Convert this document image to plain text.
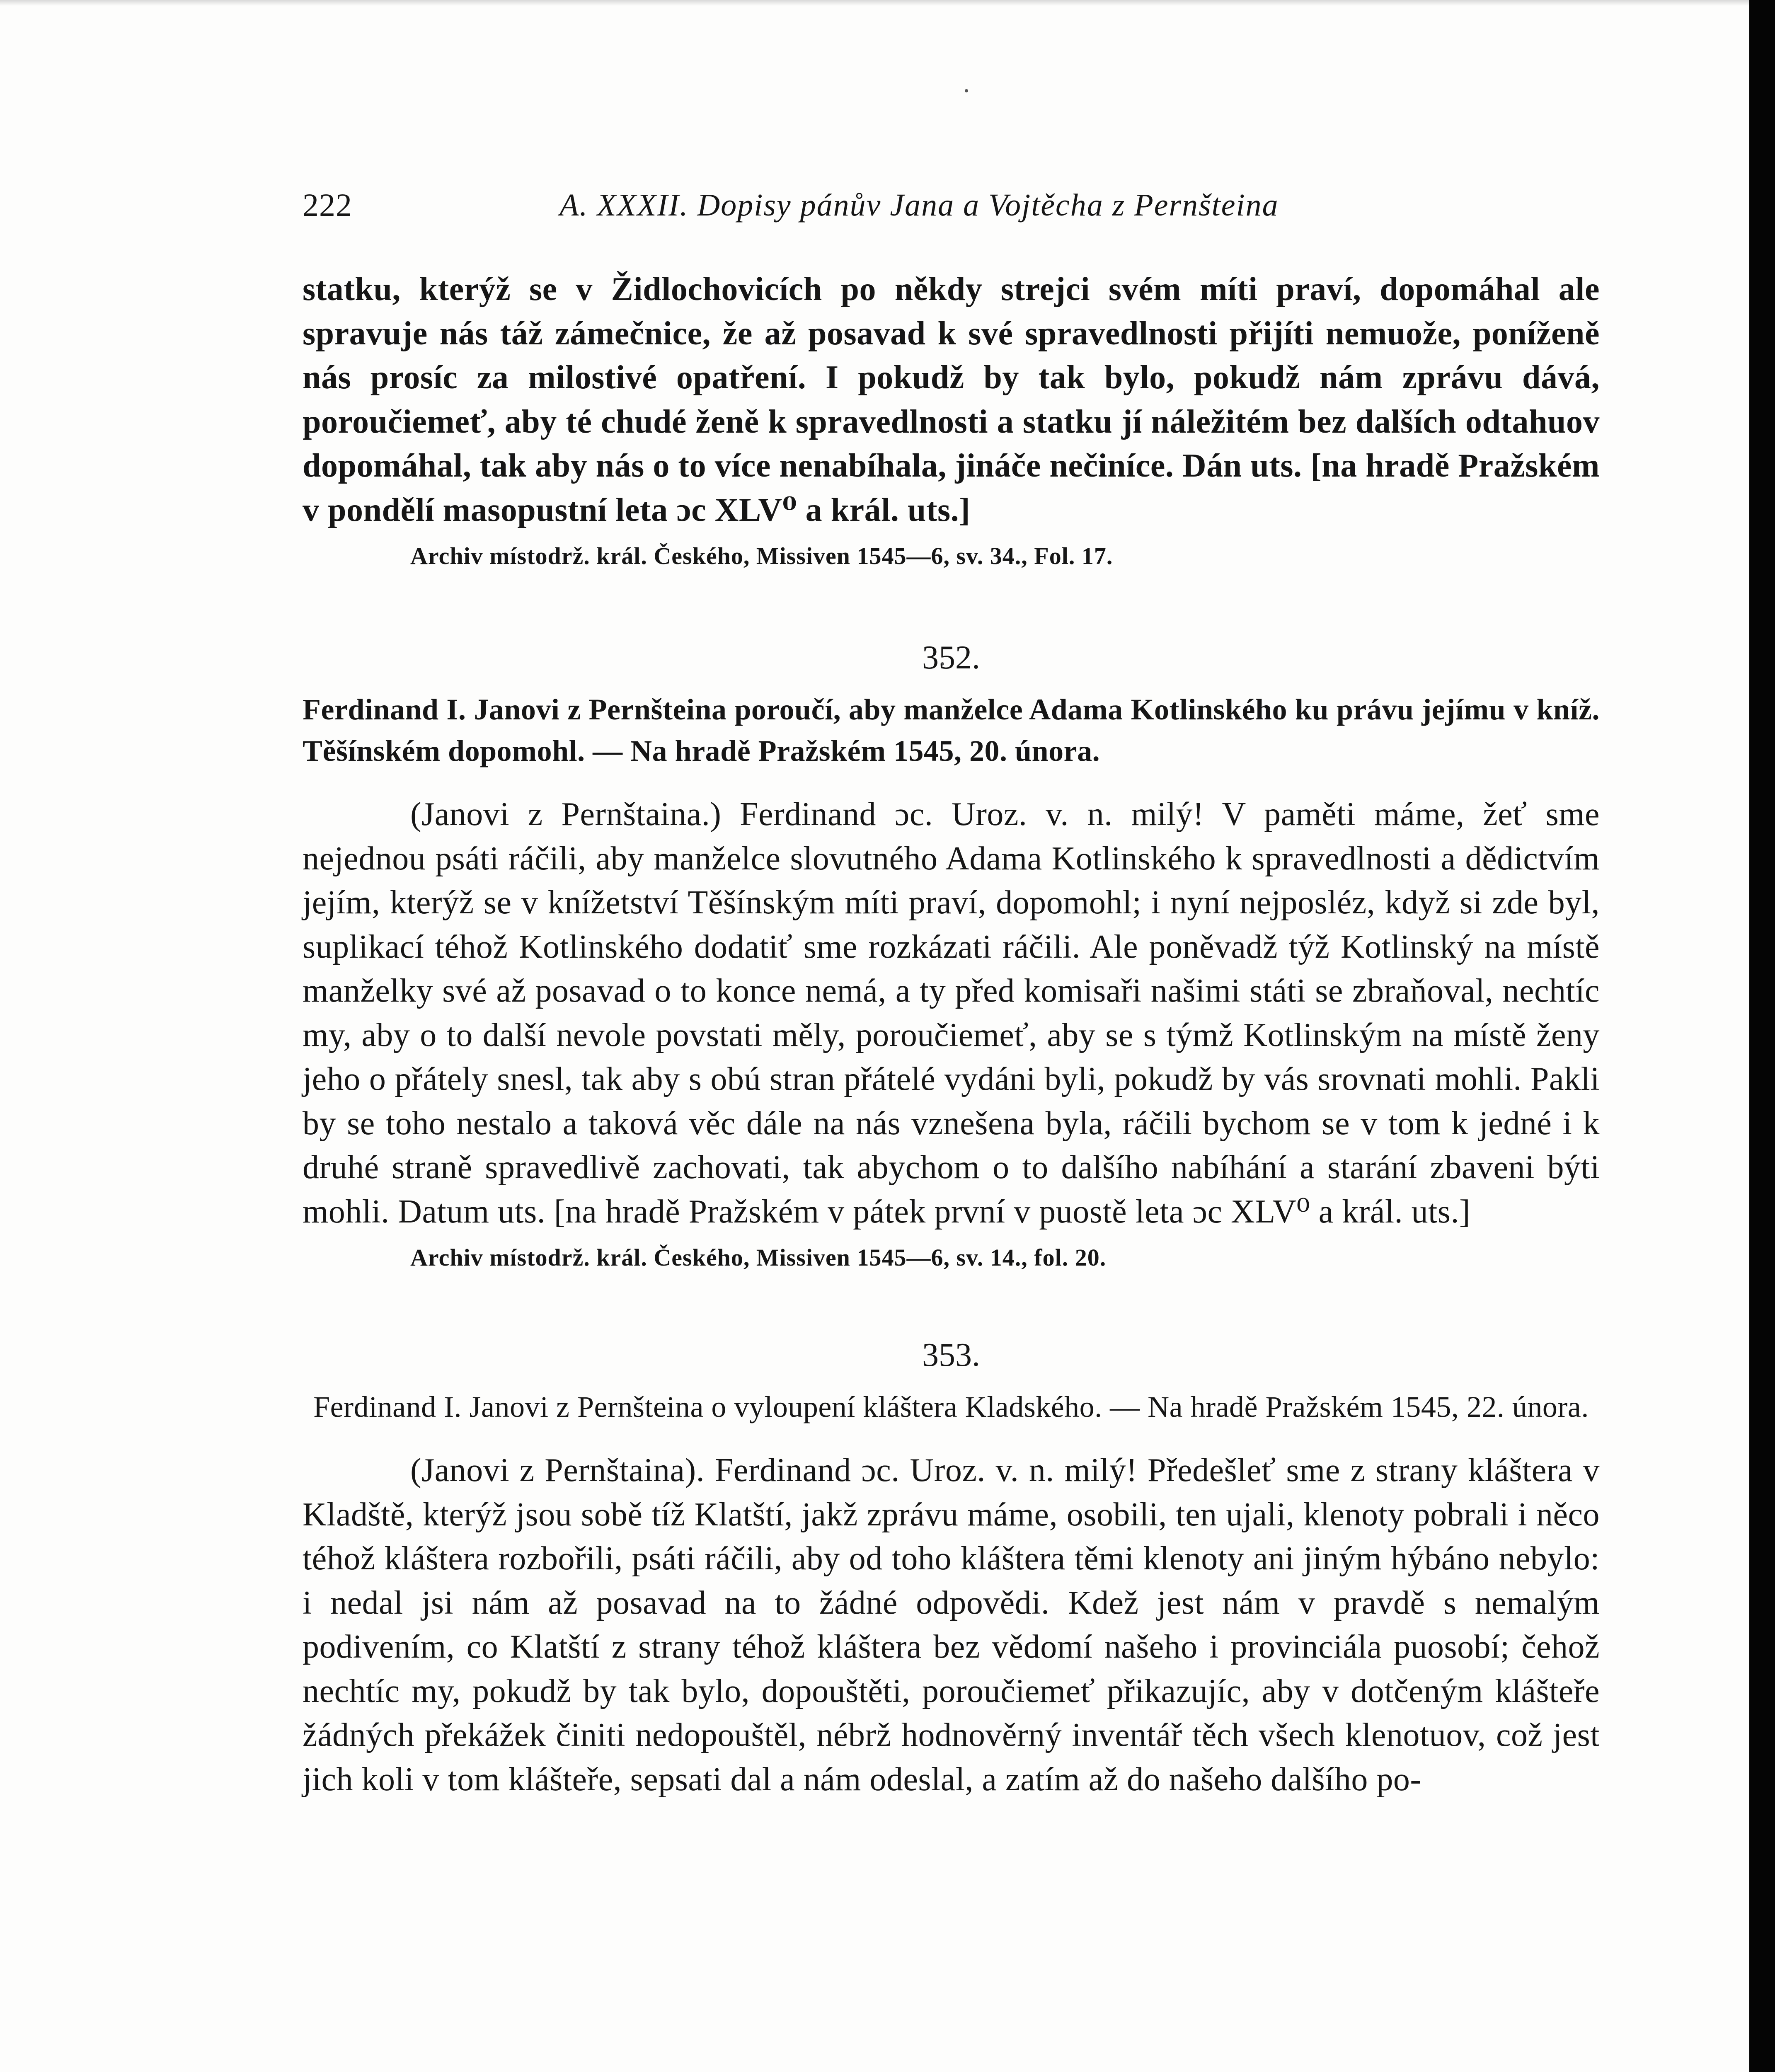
222	A. XXXII. Dopisy pánův Jana a Vojtěcha z Pernšteina

statku, kterýž se v Židlochovicích po někdy strejci svém míti praví, dopomáhal ale spravuje nás táž zámečnice, že až posavad k své spravedlnosti přijíti nemuože, poníženě nás prosíc za milostivé opatření. I pokudž by tak bylo, pokudž nám zprávu dává, poroučiemeť, aby té chudé ženě k spravedlnosti a statku jí náležitém bez dalších odtahuov dopomáhal, tak aby nás o to více nenabíhala, jináče nečiníce. Dán uts. [na hradě Pražském v pondělí masopustní leta ɔc XLV⁰ a král. uts.]

Archiv místodrž. král. Českého, Missiven 1545—6, sv. 34., Fol. 17.

352.

Ferdinand I. Janovi z Pernšteina poroučí, aby manželce Adama Kotlinského ku právu jejímu v kníž. Těšínském dopomohl. — Na hradě Pražském 1545, 20. února.

(Janovi z Pernštaina.) Ferdinand ɔc. Uroz. v. n. milý! V paměti máme, žeť sme nejednou psáti ráčili, aby manželce slovutného Adama Kotlinského k spravedlnosti a dědictvím jejím, kterýž se v knížetství Těšínským míti praví, dopomohl; i nyní nejposléz, když si zde byl, suplikací téhož Kotlinského dodatiť sme rozkázati ráčili. Ale poněvadž týž Kotlinský na místě manželky své až posavad o to konce nemá, a ty před komisaři našimi státi se zbraňoval, nechtíc my, aby o to další nevole povstati měly, poroučiemeť, aby se s týmž Kotlinským na místě ženy jeho o přátely snesl, tak aby s obú stran přátelé vydáni byli, pokudž by vás srovnati mohli. Pakli by se toho nestalo a taková věc dále na nás vznešena byla, ráčili bychom se v tom k jedné i k druhé straně spravedlivě zachovati, tak abychom o to dalšího nabíhání a starání zbaveni býti mohli. Datum uts. [na hradě Pražském v pátek první v puostě leta ɔc XLV⁰ a král. uts.]

Archiv místodrž. král. Českého, Missiven 1545—6, sv. 14., fol. 20.

353.

Ferdinand I. Janovi z Pernšteina o vyloupení kláštera Kladského. — Na hradě Pražském 1545, 22. února.

(Janovi z Pernštaina). Ferdinand ɔc. Uroz. v. n. milý! Předešleť sme z strany kláštera v Kladště, kterýž jsou sobě tíž Klatští, jakž zprávu máme, osobili, ten ujali, klenoty pobrali i něco téhož kláštera rozbořili, psáti ráčili, aby od toho kláštera těmi klenoty ani jiným hýbáno nebylo: i nedal jsi nám až posavad na to žádné odpovědi. Kdež jest nám v pravdě s nemalým podivením, co Klatští z strany téhož kláštera bez vědomí našeho i provinciála puosobí; čehož nechtíc my, pokudž by tak bylo, dopouštěti, poroučiemeť přikazujíc, aby v dotčeným klášteře žádných překážek činiti nedopouštěl, nébrž hodnověrný inventář těch všech klenotuov, což jest jich koli v tom klášteře, sepsati dal a nám odeslal, a zatím až do našeho dalšího po-
